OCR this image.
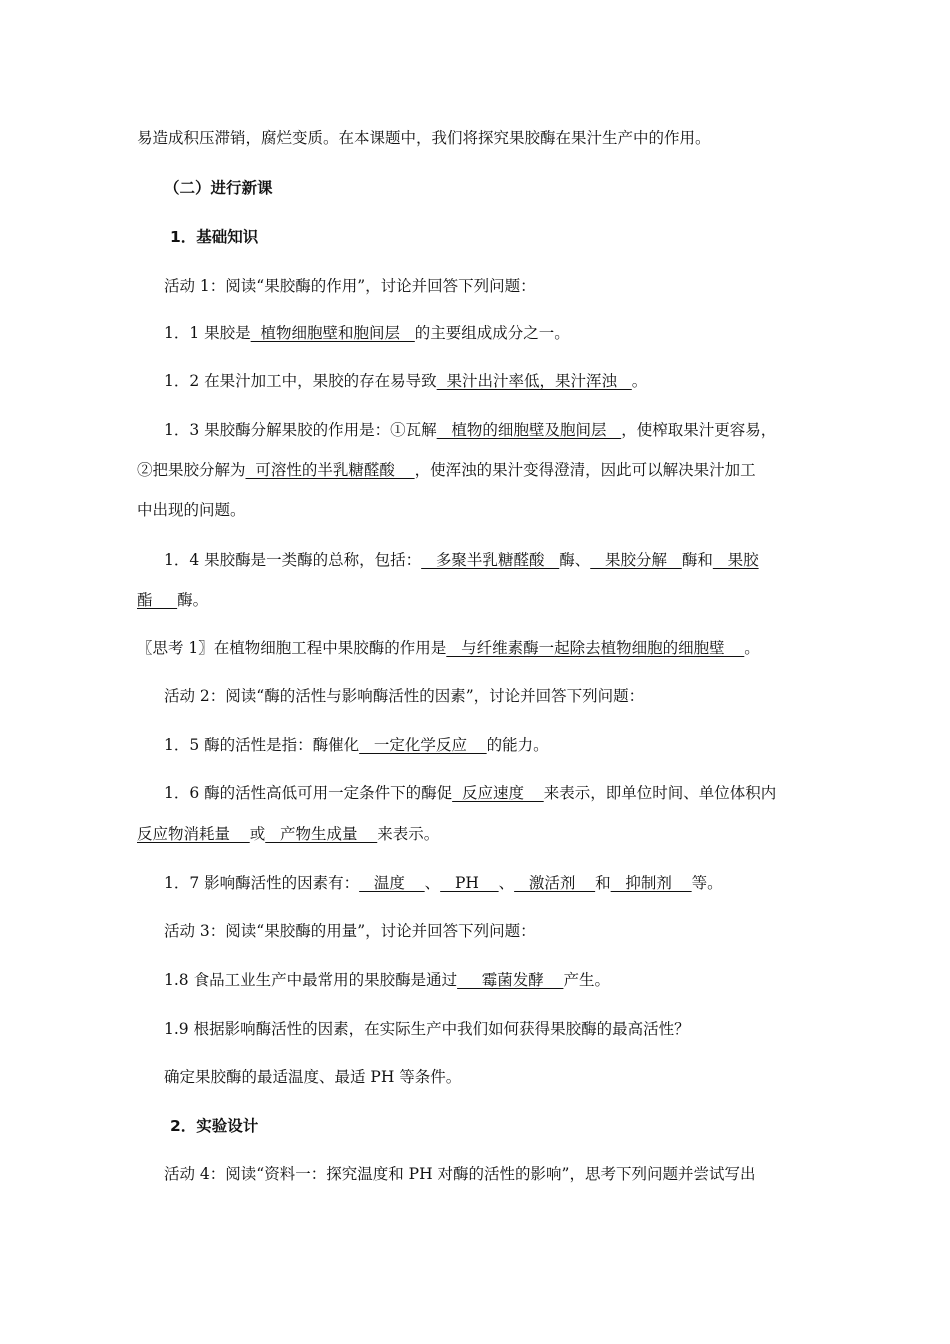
易造成积压滞销，腐烂变质。在本课题中，我们将探究果胶酶在果汁生产中的作用。
（二）进行新课
1．基础知识
活动 1：阅读“果胶酶的作用”，讨论并回答下列问题：
1．1 果胶是  植物细胞壁和胞间层   的主要组成成分之一。
1．2 在果汁加工中，果胶的存在易导致  果汁出汁率低，果汁浑浊   。
1．3 果胶酶分解果胶的作用是：①瓦解   植物的细胞壁及胞间层   ，使榨取果汁更容易，
②把果胶分解为  可溶性的半乳糖醛酸    ，使浑浊的果汁变得澄清，因此可以解决果汁加工
中出现的问题。
1．4 果胶酶是一类酶的总称，包括：   多聚半乳糖醛酸   酶、   果胶分解   酶和   果胶
酯     酶。
〖思考 1〗在植物细胞工程中果胶酶的作用是   与纤维素酶一起除去植物细胞的细胞壁    。
活动 2：阅读“酶的活性与影响酶活性的因素”，讨论并回答下列问题：
1．5 酶的活性是指：酶催化   一定化学反应    的能力。
1．6 酶的活性高低可用一定条件下的酶促  反应速度    来表示，即单位时间、单位体积内
反应物消耗量    或   产物生成量    来表示。
1．7 影响酶活性的因素有：   温度    、   PH    、   激活剂    和   抑制剂    等。
活动 3：阅读“果胶酶的用量”，讨论并回答下列问题：
1.8 食品工业生产中最常用的果胶酶是通过     霉菌发酵    产生。
1.9 根据影响酶活性的因素，在实际生产中我们如何获得果胶酶的最高活性？
确定果胶酶的最适温度、最适 PH 等条件。
2．实验设计
活动 4：阅读“资料一：探究温度和 PH 对酶的活性的影响”，思考下列问题并尝试写出
